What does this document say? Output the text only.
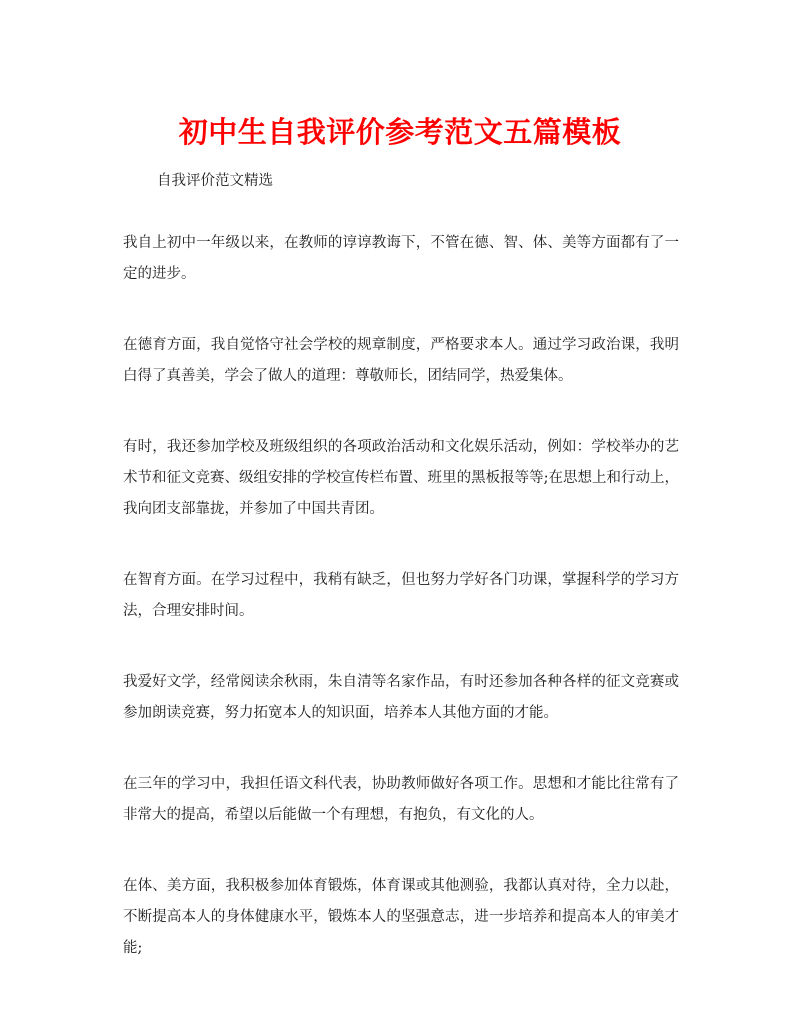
初中生自我评价参考范文五篇模板
自我评价范文精选

我自上初中一年级以来，在教师的谆谆教诲下，不管在德、智、体、美等方面都有了一定的进步。

在德育方面，我自觉恪守社会学校的规章制度，严格要求本人。通过学习政治课，我明白得了真善美，学会了做人的道理：尊敬师长，团结同学，热爱集体。

有时，我还参加学校及班级组织的各项政治活动和文化娱乐活动，例如：学校举办的艺术节和征文竞赛、级组安排的学校宣传栏布置、班里的黑板报等等;在思想上和行动上，我向团支部靠拢，并参加了中国共青团。

在智育方面。在学习过程中，我稍有缺乏，但也努力学好各门功课，掌握科学的学习方法，合理安排时间。

我爱好文学，经常阅读余秋雨，朱自清等名家作品，有时还参加各种各样的征文竞赛或参加朗读竞赛，努力拓宽本人的知识面，培养本人其他方面的才能。

在三年的学习中，我担任语文科代表，协助教师做好各项工作。思想和才能比往常有了非常大的提高，希望以后能做一个有理想，有抱负，有文化的人。

在体、美方面，我积极参加体育锻炼，体育课或其他测验，我都认真对待，全力以赴，不断提高本人的身体健康水平，锻炼本人的坚强意志，进一步培养和提高本人的审美才能;
